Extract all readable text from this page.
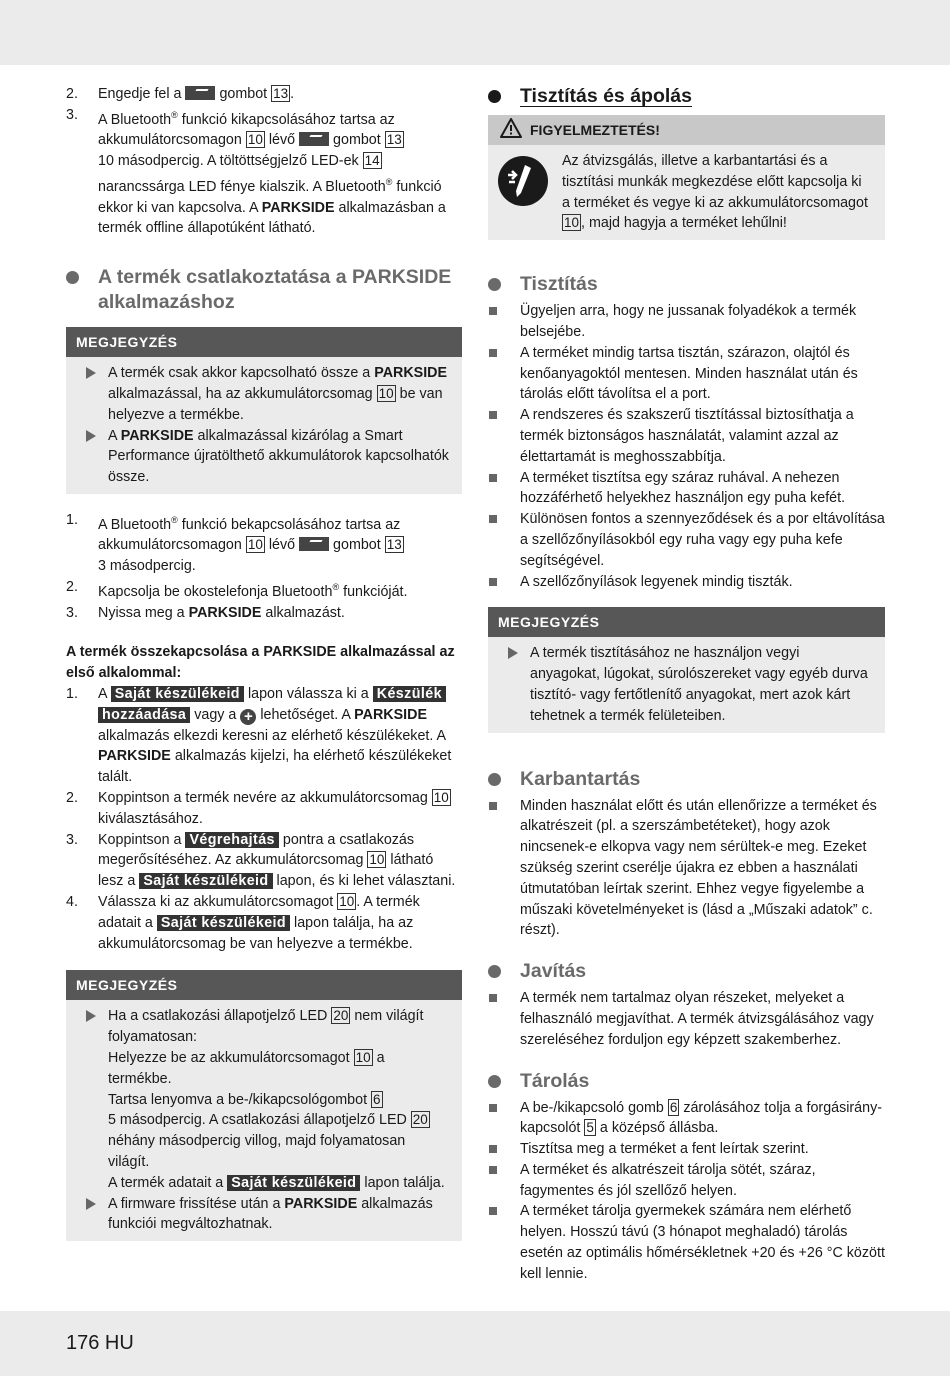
2. Engedje fel a	gombot 13 .
3. A Bluetooth® funkció kikapcsolásához tartsa az akkumulátorcsomagon 10 lévő	gombot 13
10 másodpercig. A töltöttségjelző LED-ek 14 narancssárga LED fénye kialszik. A Bluetooth® funkció ekkor ki van kapcsolva. A PARKSIDE alkalmazásban a termék offline állapotúként látható.
A termék csatlakoztatása a PARKSIDE alkalmazáshoz
MEGJEGYZÉS
A termék csak akkor kapcsolható össze a PARKSIDE alkalmazással, ha az akkumulátorcsomag 10 be van helyezve a termékbe.
A PARKSIDE alkalmazással kizárólag a Smart Performance újratölthető akkumulátorok kapcsolhatók össze.
1. A Bluetooth® funkció bekapcsolásához tartsa az akkumulátorcsomagon 10 lévő	gombot 13
3 másodpercig.
2. Kapcsolja be okostelefonja Bluetooth® funkcióját.
3. Nyissa meg a PARKSIDE alkalmazást.
A termék összekapcsolása a PARKSIDE alkalmazással az első alkalommal:
1. A Saját készülékeid lapon válassza ki a Készülék hozzáadása vagy a + lehetőséget. A PARKSIDE alkalmazás elkezdi keresni az elérhető készülékeket. A PARKSIDE alkalmazás kijelzi, ha elérhető készülékeket talált.
2. Koppintson a termék nevére az akkumulátorcsomag 10 kiválasztásához.
3. Koppintson a Végrehajtás pontra a csatlakozás megerősítéséhez. Az akkumulátorcsomag 10 látható lesz a Saját készülékeid lapon, és ki lehet választani.
4. Válassza ki az akkumulátorcsomagot 10 . A termék adatait a Saját készülékeid lapon találja, ha az akkumulátorcsomag be van helyezve a termékbe.
MEGJEGYZÉS
Ha a csatlakozási állapotjelző LED 20 nem világít folyamatosan:
Helyezze be az akkumulátorcsomagot 10 a termékbe.
Tartsa lenyomva a be-/kikapcsológombot 6
5 másodpercig. A csatlakozási állapotjelző LED 20 néhány másodpercig villog, majd folyamatosan világít.
A termék adatait a Saját készülékeid lapon találja.
A firmware frissítése után a PARKSIDE alkalmazás funkciói megváltozhatnak.
Tisztítás és ápolás
FIGYELMEZTETÉS!
Az átvizsgálás, illetve a karbantartási és a tisztítási munkák megkezdése előtt kapcsolja ki a terméket és vegye ki az akkumulátorcsomagot 10 , majd hagyja a terméket lehűlni!
Tisztítás
Ügyeljen arra, hogy ne jussanak folyadékok a termék belsejébe.
A terméket mindig tartsa tisztán, szárazon, olajtól és kenőanyagoktól mentesen. Minden használat után és tárolás előtt távolítsa el a port.
A rendszeres és szakszerű tisztítással biztosíthatja a termék biztonságos használatát, valamint azzal az élettartamát is meghosszabbítja.
A terméket tisztítsa egy száraz ruhával. A nehezen hozzáférhető helyekhez használjon egy puha kefét.
Különösen fontos a szennyeződések és a por eltávolítása a szellőzőnyílásokból egy ruha vagy egy puha kefe segítségével.
A szellőzőnyílások legyenek mindig tiszták.
MEGJEGYZÉS
A termék tisztításához ne használjon vegyi anyagokat, lúgokat, súrolószereket vagy egyéb durva tisztító- vagy fertőtlenítő anyagokat, mert azok kárt tehetnek a termék felületeiben.
Karbantartás
Minden használat előtt és után ellenőrizze a terméket és alkatrészeit (pl. a szerszámbetéteket), hogy azok nincsenek-e elkopva vagy nem sérültek-e meg. Ezeket szükség szerint cserélje újakra ez ebben a használati útmutatóban leírtak szerint. Ehhez vegye figyelembe a műszaki követelményeket is (lásd a „Műszaki adatok” c. részt).
Javítás
A termék nem tartalmaz olyan részeket, melyeket a felhasználó megjavíthat. A termék átvizsgálásához vagy szereléséhez forduljon egy képzett szakemberhez.
Tárolás
A be-/kikapcsoló gomb 6 zárolásához tolja a forgásirány-kapcsolót 5 a középső állásba.
Tisztítsa meg a terméket a fent leírtak szerint.
A terméket és alkatrészeit tárolja sötét, száraz, fagymentes és jól szellőző helyen.
A terméket tárolja gyermekek számára nem elérhető helyen. Hosszú távú (3 hónapot meghaladó) tárolás esetén az optimális hőmérsékletnek +20 és +26 °C között kell lennie.
176 HU
